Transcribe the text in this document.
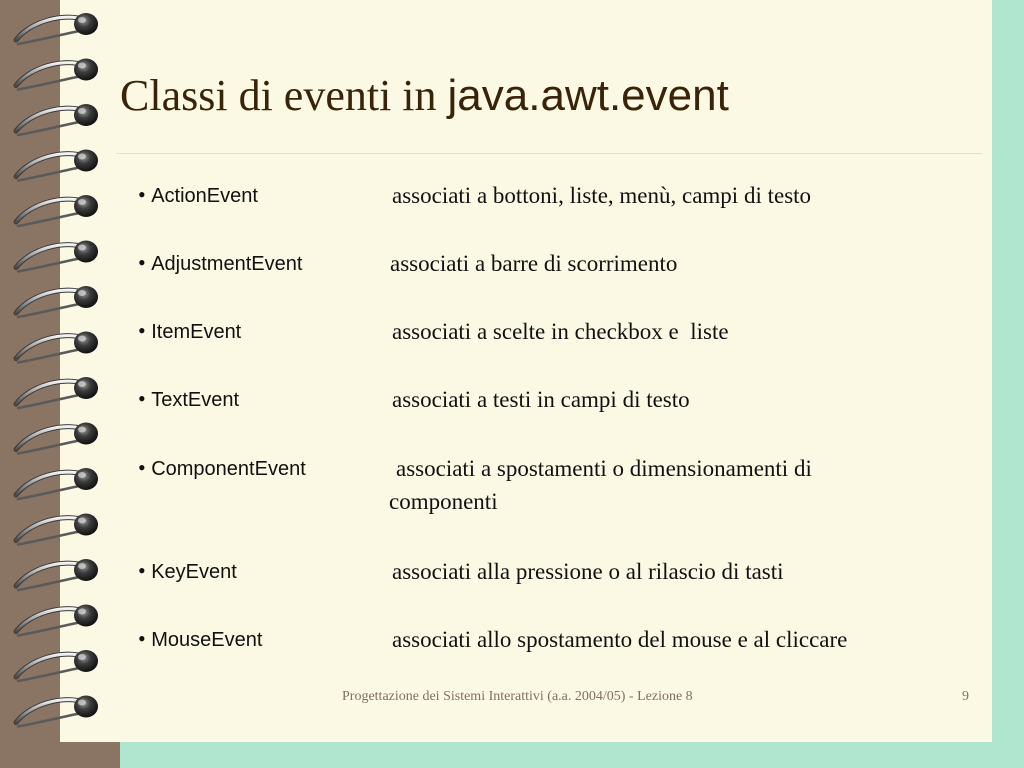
Classi di eventi in java.awt.event
• ActionEvent	associati a bottoni, liste, menù, campi di testo
• AdjustmentEvent	associati a barre di scorrimento
• ItemEvent	associati a scelte in checkbox e  liste
• TextEvent	associati a testi in campi di testo
• ComponentEvent	associati a spostamenti o dimensionamenti di
componenti
• KeyEvent	associati alla pressione o al rilascio di tasti
• MouseEvent	associati allo spostamento del mouse e al cliccare
Progettazione dei Sistemi Interattivi (a.a. 2004/05) - Lezione 8	9
